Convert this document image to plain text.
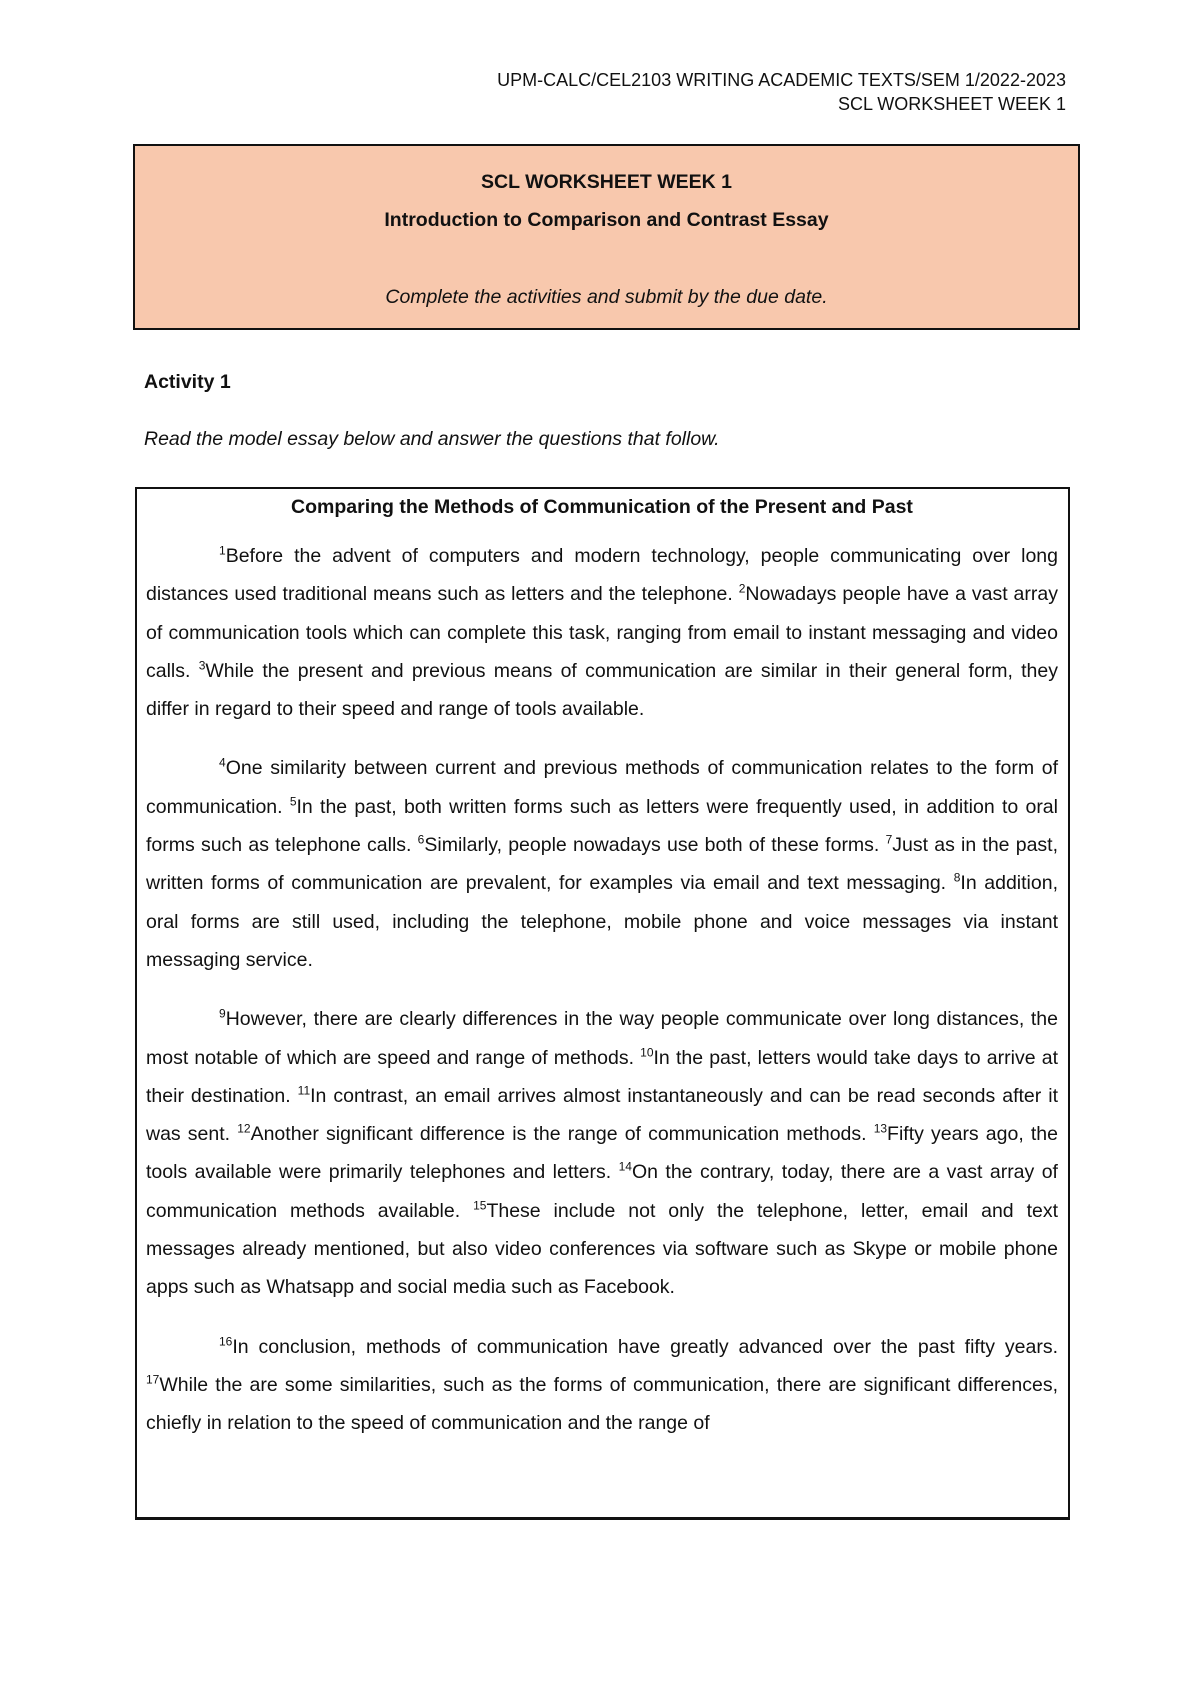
UPM-CALC/CEL2103 WRITING ACADEMIC TEXTS/SEM 1/2022-2023
SCL WORKSHEET WEEK 1
SCL WORKSHEET WEEK 1
Introduction to Comparison and Contrast Essay
Complete the activities and submit by the due date.
Activity 1
Read the model essay below and answer the questions that follow.
Comparing the Methods of Communication of the Present and Past

$^1$Before the advent of computers and modern technology, people communicating over long distances used traditional means such as letters and the telephone. $^2$Nowadays people have a vast array of communication tools which can complete this task, ranging from email to instant messaging and video calls. $^3$While the present and previous means of communication are similar in their general form, they differ in regard to their speed and range of tools available.

$^4$One similarity between current and previous methods of communication relates to the form of communication. $^5$In the past, both written forms such as letters were frequently used, in addition to oral forms such as telephone calls. $^6$Similarly, people nowadays use both of these forms. $^7$Just as in the past, written forms of communication are prevalent, for examples via email and text messaging. $^8$In addition, oral forms are still used, including the telephone, mobile phone and voice messages via instant messaging service.

$^9$However, there are clearly differences in the way people communicate over long distances, the most notable of which are speed and range of methods. $^{10}$In the past, letters would take days to arrive at their destination. $^{11}$In contrast, an email arrives almost instantaneously and can be read seconds after it was sent. $^{12}$Another significant difference is the range of communication methods. $^{13}$Fifty years ago, the tools available were primarily telephones and letters. $^{14}$On the contrary, today, there are a vast array of communication methods available. $^{15}$These include not only the telephone, letter, email and text messages already mentioned, but also video conferences via software such as Skype or mobile phone apps such as Whatsapp and social media such as Facebook.

$^{16}$In conclusion, methods of communication have greatly advanced over the past fifty years. $^{17}$While the are some similarities, such as the forms of communication, there are significant differences, chiefly in relation to the speed of communication and the range of
